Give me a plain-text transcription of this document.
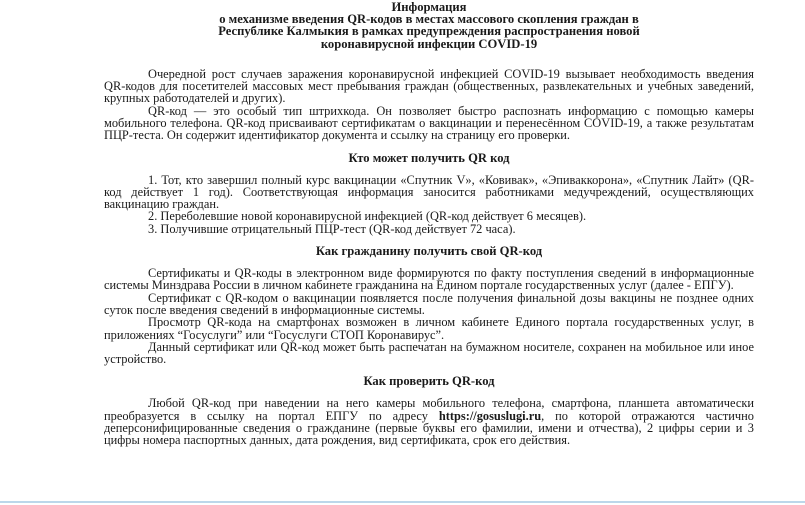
Информация
о механизме введения QR-кодов в местах массового скопления граждан в
Республике Калмыкия в рамках предупреждения распространения новой
коронавирусной инфекции COVID-19

Очередной рост случаев заражения коронавирусной инфекцией COVID-19 вызывает необходимость введения QR-кодов для посетителей массовых мест пребывания граждан (общественных, развлекательных и учебных заведений, крупных работодателей и других).

QR-код — это особый тип штрихкода. Он позволяет быстро распознать информацию с помощью камеры мобильного телефона. QR-код присваивают сертификатам о вакцинации и перенесённом COVID-19, а также результатам ПЦР-теста. Он содержит идентификатор документа и ссылку на страницу его проверки.

Кто может получить QR код

1. Тот, кто завершил полный курс вакцинации «Спутник V», «Ковивак», «Эпиваккорона», «Спутник Лайт» (QR-код действует 1 год). Соответствующая информация заносится работниками медучреждений, осуществляющих вакцинацию граждан.

2. Переболевшие новой коронавирусной инфекцией (QR-код действует 6 месяцев).

3. Получившие отрицательный ПЦР-тест (QR-код действует 72 часа).

Как гражданину получить свой QR-код

Сертификаты и QR-коды в электронном виде формируются по факту поступления сведений в информационные системы Минздрава России в личном кабинете гражданина на Едином портале государственных услуг (далее - ЕПГУ).

Сертификат с QR-кодом о вакцинации появляется после получения финальной дозы вакцины не позднее одних суток после введения сведений в информационные системы.

Просмотр QR-кода на смартфонах возможен в личном кабинете Единого портала государственных услуг, в приложениях “Госуслуги” или “Госуслуги СТОП Коронавирус”.

Данный сертификат или QR-код может быть распечатан на бумажном носителе, сохранен на мобильное или иное устройство.

Как проверить QR-код

Любой QR-код при наведении на него камеры мобильного телефона, смартфона, планшета автоматически преобразуется в ссылку на портал ЕПГУ по адресу https://gosuslugi.ru, по которой отражаются частично деперсонифицированные сведения о гражданине (первые буквы его фамилии, имени и отчества), 2 цифры серии и 3 цифры номера паспортных данных, дата рождения, вид сертификата, срок его действия.
